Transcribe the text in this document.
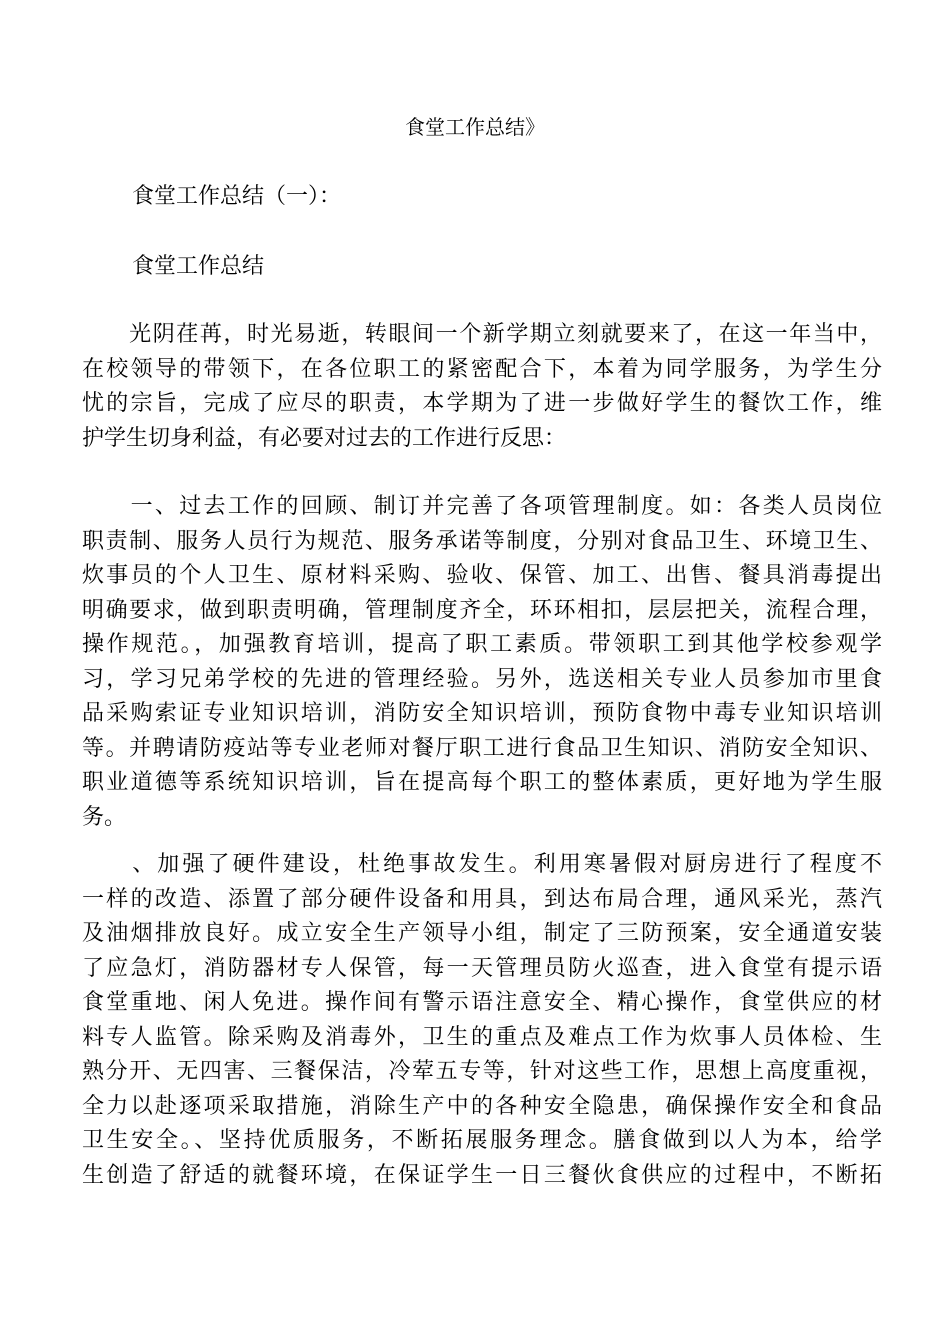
食堂工作总结》
食堂工作总结（一）：
食堂工作总结
　　光阴荏苒，时光易逝，转眼间一个新学期立刻就要来了，在这一年当中，
在校领导的带领下，在各位职工的紧密配合下，本着为同学服务，为学生分
忧的宗旨，完成了应尽的职责，本学期为了进一步做好学生的餐饮工作，维
护学生切身利益，有必要对过去的工作进行反思：
　　一、过去工作的回顾、制订并完善了各项管理制度。如：各类人员岗位
职责制、服务人员行为规范、服务承诺等制度，分别对食品卫生、环境卫生、
炊事员的个人卫生、原材料采购、验收、保管、加工、出售、餐具消毒提出
明确要求，做到职责明确，管理制度齐全，环环相扣，层层把关，流程合理，
操作规范。，加强教育培训，提高了职工素质。带领职工到其他学校参观学
习，学习兄弟学校的先进的管理经验。另外，选送相关专业人员参加市里食
品采购索证专业知识培训，消防安全知识培训，预防食物中毒专业知识培训
等。并聘请防疫站等专业老师对餐厅职工进行食品卫生知识、消防安全知识、
职业道德等系统知识培训，旨在提高每个职工的整体素质，更好地为学生服
务。
　　、加强了硬件建设，杜绝事故发生。利用寒暑假对厨房进行了程度不
一样的改造、添置了部分硬件设备和用具，到达布局合理，通风采光，蒸汽
及油烟排放良好。成立安全生产领导小组，制定了三防预案，安全通道安装
了应急灯，消防器材专人保管，每一天管理员防火巡查，进入食堂有提示语
食堂重地、闲人免进。操作间有警示语注意安全、精心操作，食堂供应的材
料专人监管。除采购及消毒外，卫生的重点及难点工作为炊事人员体检、生
熟分开、无四害、三餐保洁，冷荤五专等，针对这些工作，思想上高度重视，
全力以赴逐项采取措施，消除生产中的各种安全隐患，确保操作安全和食品
卫生安全。、坚持优质服务，不断拓展服务理念。膳食做到以人为本，给学
生创造了舒适的就餐环境，在保证学生一日三餐伙食供应的过程中，不断拓
